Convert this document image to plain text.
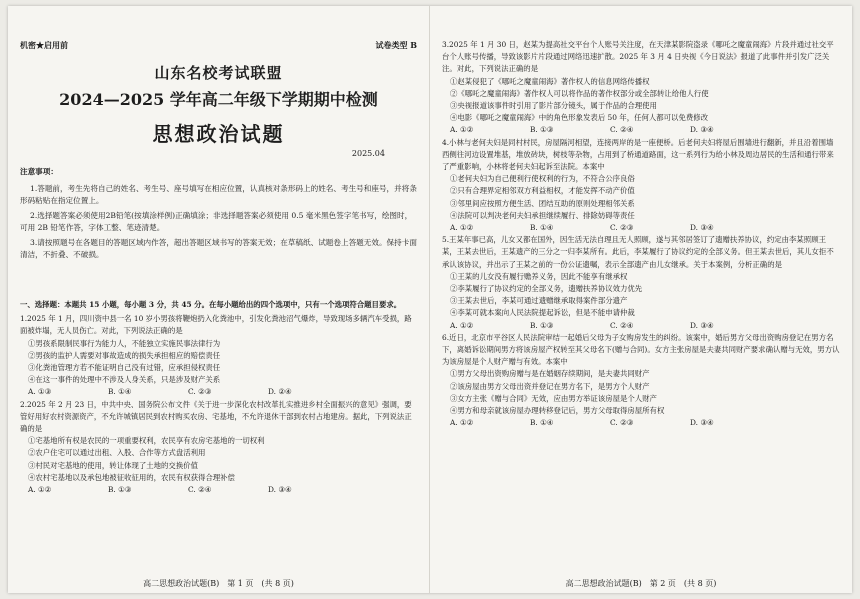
机密★启用前	试卷类型 B
山东名校考试联盟
2024—2025 学年高二年级下学期期中检测
思想政治试题
2025.04
注意事项：

1.答题前，考生先将自己的姓名、考生号、座号填写在相应位置，认真核对条形码上的姓名、考生号和座号，并将条形码粘贴在指定位置上。

2.选择题答案必须使用2B铅笔(按填涂样例)正确填涂；非选择题答案必须使用 0.5 毫米黑色签字笔书写，绘图时，可用 2B 铅笔作答，字体工整、笔迹清楚。

3.请按照题号在各题目的答题区域内作答，超出答题区域书写的答案无效；在草稿纸、试题卷上答题无效。保持卡面清洁，不折叠、不破损。

一、选择题：本题共 15 小题，每小题 3 分，共 45 分。在每小题给出的四个选项中，只有一个选项符合题目要求。

1.2025 年 1 月，四川资中县一名 10 岁小男孩将鞭炮扔入化粪池中，引发化粪池沼气爆炸，导致现场多辆汽车受损，路面被炸塌，无人员伤亡。对此，下列说法正确的是

①男孩系限制民事行为能力人，不能独立实施民事法律行为
②男孩的监护人需要对事故造成的损失承担相应的赔偿责任
③化粪池管理方若不能证明自己没有过错，应承担侵权责任
④在这一事件的处理中不涉及人身关系，只是涉及财产关系
A. ①③	B. ①④	C. ②③	D. ②④

2.2025 年 2 月 23 日，中共中央、国务院公布文件《关于进一步深化农村改革扎实推进乡村全面振兴的意见》强调，要管好用好农村资源资产，不允许城镇居民到农村购买农房、宅基地，不允许退休干部到农村占地建房。据此，下列说法正确的是

①宅基地所有权是农民的一项重要权利，农民享有农房宅基地的一切权利
②农户住宅可以通过出租、入股、合作等方式盘活利用
③村民对宅基地的使用，转让体现了土地的交换价值
④农村宅基地以及承包地被征收征用的，农民有权获得合理补偿
A. ①②	B. ①③	C. ②④	D. ③④
高二思想政治试题(B)　第 1 页　(共 8 页)

3.2025 年 1 月 30 日，赵某为提高社交平台个人账号关注度，在天津某影院盗录《哪吒之魔童闹海》片段并通过社交平台个人账号传播，导致该影片片段通过网络迅速扩散。2025 年 3 月 4 日央视《今日说法》报道了此事件并引发广泛关注。对此，下列说法正确的是

①赵某侵犯了《哪吒之魔童闹海》著作权人的信息网络传播权
②《哪吒之魔童闹海》著作权人可以将作品的著作权部分或全部转让给他人行使
③央视报道该事件时引用了影片部分镜头，属于作品的合理使用
④电影《哪吒之魔童闹海》中的角色形象发表后 50 年，任何人都可以免费修改
A. ①②	B. ①③	C. ②④	D. ③④

4.小林与老何夫妇是同村村民，房屋隔河相望，连接两岸的是一座便桥。后老何夫妇将屋后围墙进行翻新，并且沿着围墙西侧往河边设置堆基，堆放砖块，树枝等杂物，占用到了桥通道路面，这一系列行为给小林及周边居民的生活和通行带来了严重影响，小林将老何夫妇起诉至法院。本案中

①老何夫妇为自己便利行使权利的行为，不符合公序良俗
②只有合理界定相邻双方利益相权，才能发挥不动产价值
③邻里间应按照方便生活、团结互助的原则处理相邻关系
④法院可以判决老何夫妇承担继续履行、排除妨碍等责任
A. ①②	B. ①④	C. ②③	D. ③④

5.王某年事已高，儿女又都在国外，因生活无法自理且无人照顾，遂与其邻居签订了遗赠扶养协议，约定由李某照顾王某，王某去世后，王某遗产的三分之一归李某所有。此后，李某履行了协议约定的全部义务。但王某去世后，其儿女拒不承认该协议，并出示了王某之前的一份公证遗嘱，表示全部遗产由儿女继承。关于本案例，分析正确的是

①王某的儿女没有履行赡养义务，因此不能享有继承权
②李某履行了协议约定的全部义务，遗赠扶养协议效力优先
③王某去世后，李某可通过遗赠继承取得案件部分遗产
④李某可就本案向人民法院提起诉讼，但是不能申请仲裁
A. ①②	B. ①③	C. ②④	D. ③④

6.近日，北京市平谷区人民法院审结一起婚后父母为子女购房发生的纠纷。该案中，婚后男方父母出资购房登记在男方名下，离婚诉讼期间男方将该房屋产权转至其父母名下(赠与合同)。女方主张房屋是夫妻共同财产要求确认赠与无效，男方认为该房屋是个人财产赠与有效。本案中

①男方父母出资购房赠与是在婚姻存续期间，是夫妻共同财产
②该房屋由男方父母出资并登记在男方名下，是男方个人财产
③女方主张《赠与合同》无效，应由男方举证该房屋是个人财产
④男方和母亲就该房屋办理转移登记后，男方父母取得房屋所有权
A. ①②	B. ①④	C. ②③	D. ③④
高二思想政治试题(B)　第 2 页　(共 8 页)
